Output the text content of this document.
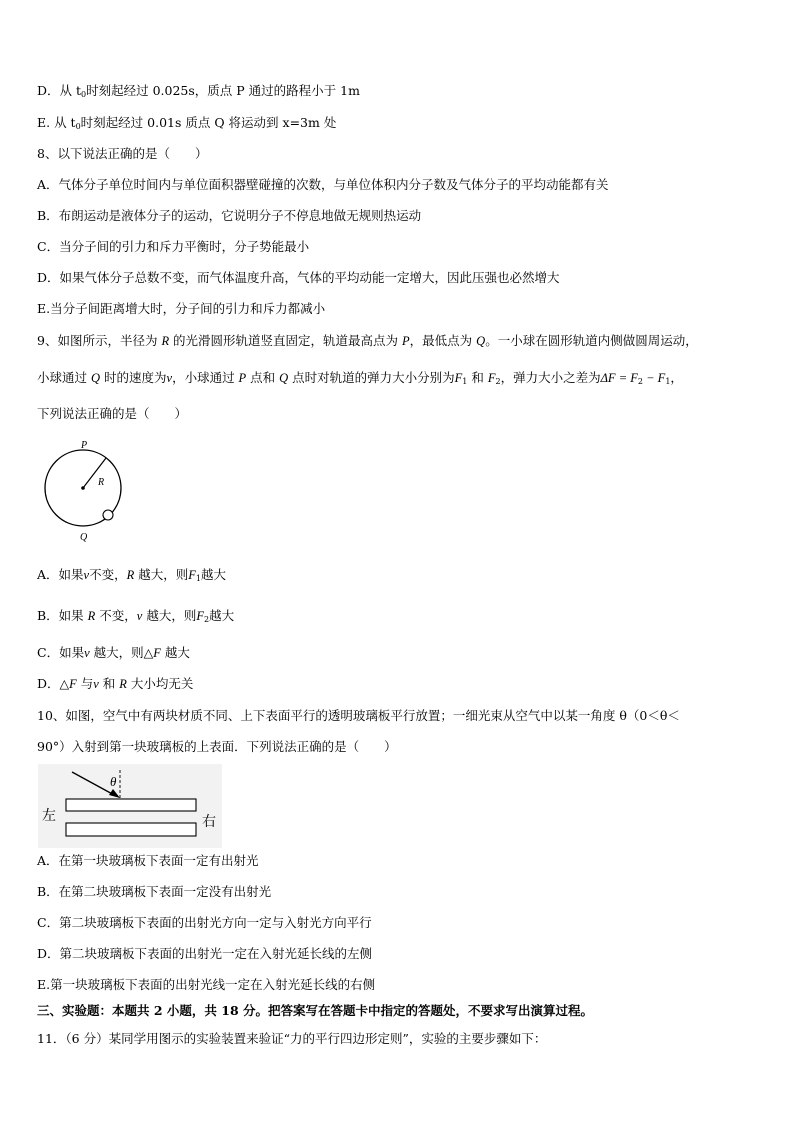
D．从 $t_0$时刻起经过 0.025s，质点 P 通过的路程小于 1m
E. 从 $t_0$时刻起经过 0.01s 质点 Q 将运动到 x=3m 处
8、以下说法正确的是（　　）
A．气体分子单位时间内与单位面积器壁碰撞的次数，与单位体积内分子数及气体分子的平均动能都有关
B．布朗运动是液体分子的运动，它说明分子不停息地做无规则热运动
C．当分子间的引力和斥力平衡时，分子势能最小
D．如果气体分子总数不变，而气体温度升高，气体的平均动能一定增大，因此压强也必然增大
E.当分子间距离增大时，分子间的引力和斥力都减小
9、如图所示，半径为 R 的光滑圆形轨道竖直固定，轨道最高点为 P，最低点为 Q。一小球在圆形轨道内侧做圆周运动，
小球通过 Q 时的速度为v，小球通过 P 点和 Q 点时对轨道的弹力大小分别为$F_1$ 和 $F_2$，弹力大小之差为$\Delta F = F_2 - F_1$，
下列说法正确的是（　　）
P
R
Q
A．如果v不变，R 越大，则$F_1$越大
B．如果 R 不变，v 越大，则$F_2$越大
C．如果v 越大，则△F 越大
D．△F 与v 和 R 大小均无关
10、如图，空气中有两块材质不同、上下表面平行的透明玻璃板平行放置；一细光束从空气中以某一角度 θ（0＜θ＜
90°）入射到第一块玻璃板的上表面．下列说法正确的是（　　）
θ
左	右
A．在第一块玻璃板下表面一定有出射光
B．在第二块玻璃板下表面一定没有出射光
C．第二块玻璃板下表面的出射光方向一定与入射光方向平行
D．第二块玻璃板下表面的出射光一定在入射光延长线的左侧
E.第一块玻璃板下表面的出射光线一定在入射光延长线的右侧
三、实验题：本题共 2 小题，共 18 分。把答案写在答题卡中指定的答题处，不要求写出演算过程。
11．（6 分）某同学用图示的实验装置来验证“力的平行四边形定则”，实验的主要步骤如下：
